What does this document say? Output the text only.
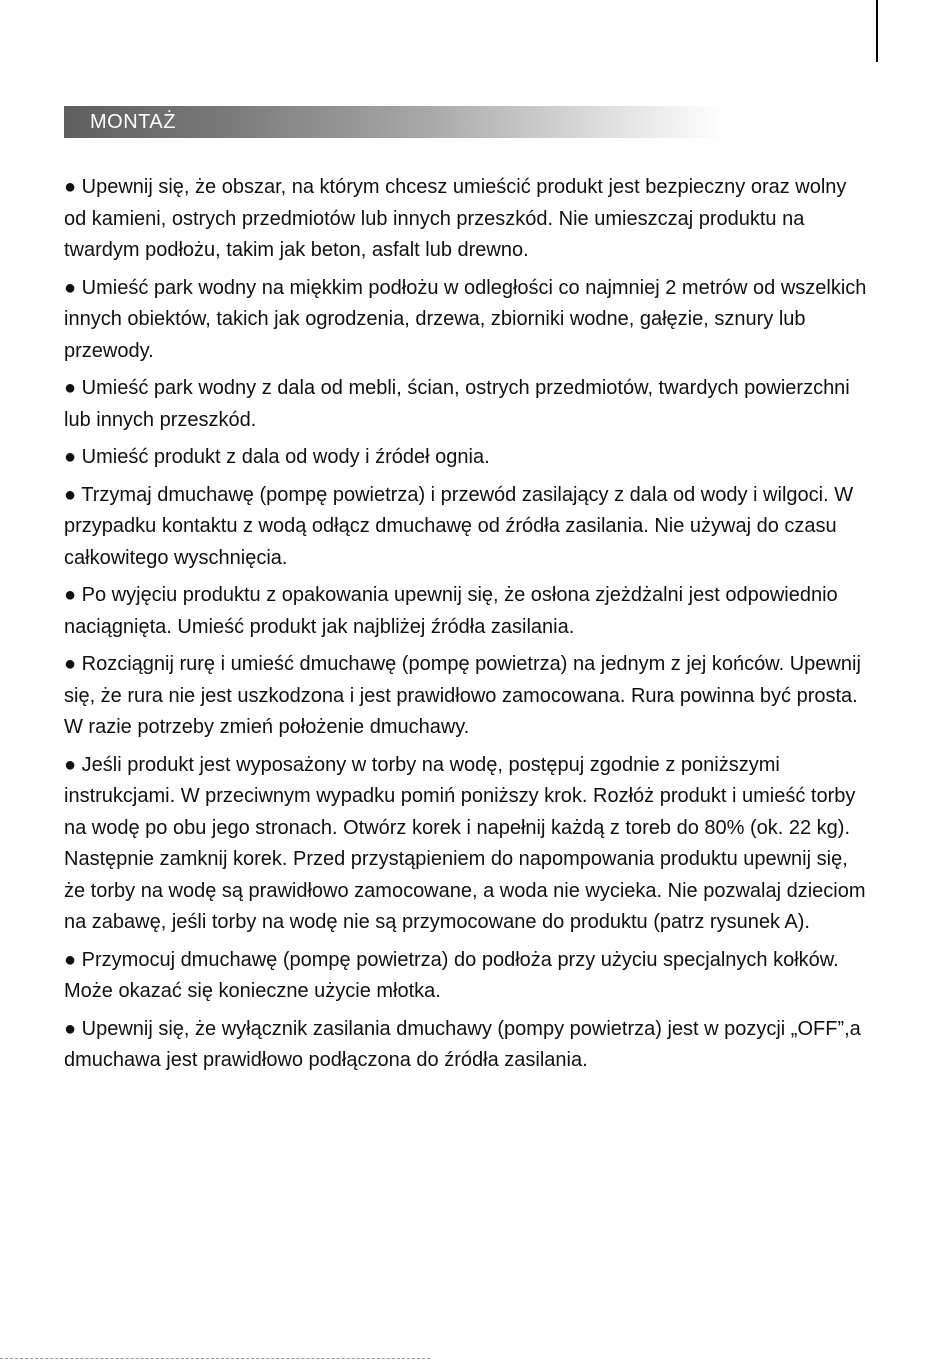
MONTAŻ

● Upewnij się, że obszar, na którym chcesz umieścić produkt jest bezpieczny oraz wolny od kamieni, ostrych przedmiotów lub innych przeszkód. Nie umieszczaj produktu na twardym podłożu, takim jak beton, asfalt lub drewno.

● Umieść park wodny na miękkim podłożu w odległości co najmniej 2 metrów od wszelkich innych obiektów, takich jak ogrodzenia, drzewa, zbiorniki wodne, gałęzie, sznury lub przewody.

● Umieść park wodny z dala od mebli, ścian, ostrych przedmiotów, twardych powierzchni lub innych przeszkód.

● Umieść produkt z dala od wody i źródeł ognia.

● Trzymaj dmuchawę (pompę powietrza) i przewód zasilający z dala od wody i wilgoci. W przypadku kontaktu z wodą odłącz dmuchawę od źródła zasilania. Nie używaj do czasu całkowitego wyschnięcia.

● Po wyjęciu produktu z opakowania upewnij się, że osłona zjeżdżalni jest odpowiednio naciągnięta. Umieść produkt jak najbliżej źródła zasilania.

● Rozciągnij rurę i umieść dmuchawę (pompę powietrza) na jednym z jej końców. Upewnij się, że rura nie jest uszkodzona i jest prawidłowo zamocowana. Rura powinna być prosta. W razie potrzeby zmień położenie dmuchawy.

● Jeśli produkt jest wyposażony w torby na wodę, postępuj zgodnie z poniższymi instrukcjami. W przeciwnym wypadku pomiń poniższy krok. Rozłóż produkt i umieść torby na wodę po obu jego stronach. Otwórz korek i napełnij każdą z toreb do 80% (ok. 22 kg). Następnie zamknij korek. Przed przystąpieniem do napompowania produktu upewnij się, że torby na wodę są prawidłowo zamocowane, a woda nie wycieka. Nie pozwalaj dzieciom na zabawę, jeśli torby na wodę nie są przymocowane do produktu (patrz rysunek A).

● Przymocuj dmuchawę (pompę powietrza) do podłoża przy użyciu specjalnych kołków. Może okazać się konieczne użycie młotka.

● Upewnij się, że wyłącznik zasilania dmuchawy (pompy powietrza) jest w pozycji „OFF”,a dmuchawa jest prawidłowo podłączona do źródła zasilania.
